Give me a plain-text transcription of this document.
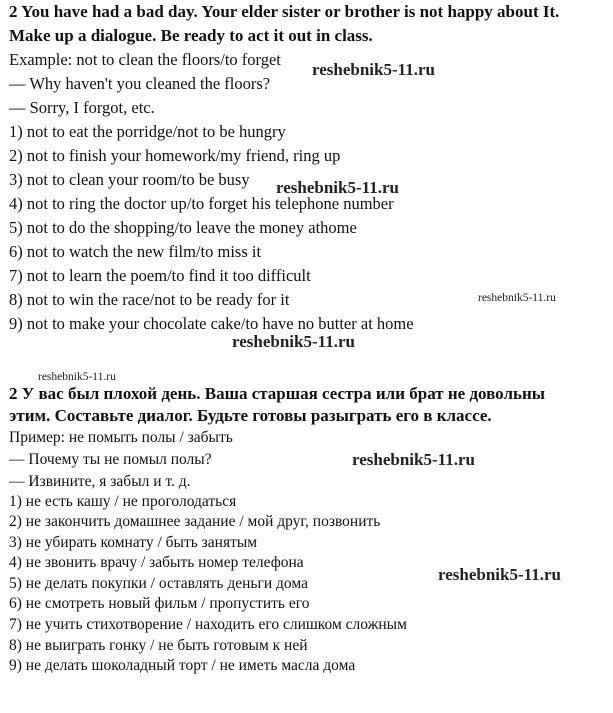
2 You have had a bad day. Your elder sister or brother is not happy about It.
Make up a dialogue. Be ready to act it out in class.
Example: not to clean the floors/to forget
— Why haven't you cleaned the floors?
— Sorry, I forgot, etc.
1) not to eat the porridge/not to be hungry
2) not to finish your homework/my friend, ring up
3) not to clean your room/to be busy
4) not to ring the doctor up/to forget his telephone number
5) not to do the shopping/to leave the money athome
6) not to watch the new film/to miss it
7) not to learn the poem/to find it too difficult
8) not to win the race/not to be ready for it
9) not to make your chocolate cake/to have no butter at home
2 У вас был плохой день. Ваша старшая сестра или брат не довольны
этим. Составьте диалог. Будьте готовы разыграть его в классе.
Пример: не помыть полы / забыть
— Почему ты не помыл полы?
— Извините, я забыл и т. д.
1) не есть кашу / не проголодаться
2) не закончить домашнее задание / мой друг, позвонить
3) не убирать комнату / быть занятым
4) не звонить врачу / забыть номер телефона
5) не делать покупки / оставлять деньги дома
6) не смотреть новый фильм / пропустить его
7) не учить стихотворение / находить его слишком сложным
8) не выиграть гонку / не быть готовым к ней
9) не делать шоколадный торт / не иметь масла дома
reshebnik5-11.ru
reshebnik5-11.ru
reshebnik5-11.ru
reshebnik5-11.ru
reshebnik5-11.ru
reshebnik5-11.ru
reshebnik5-11.ru
